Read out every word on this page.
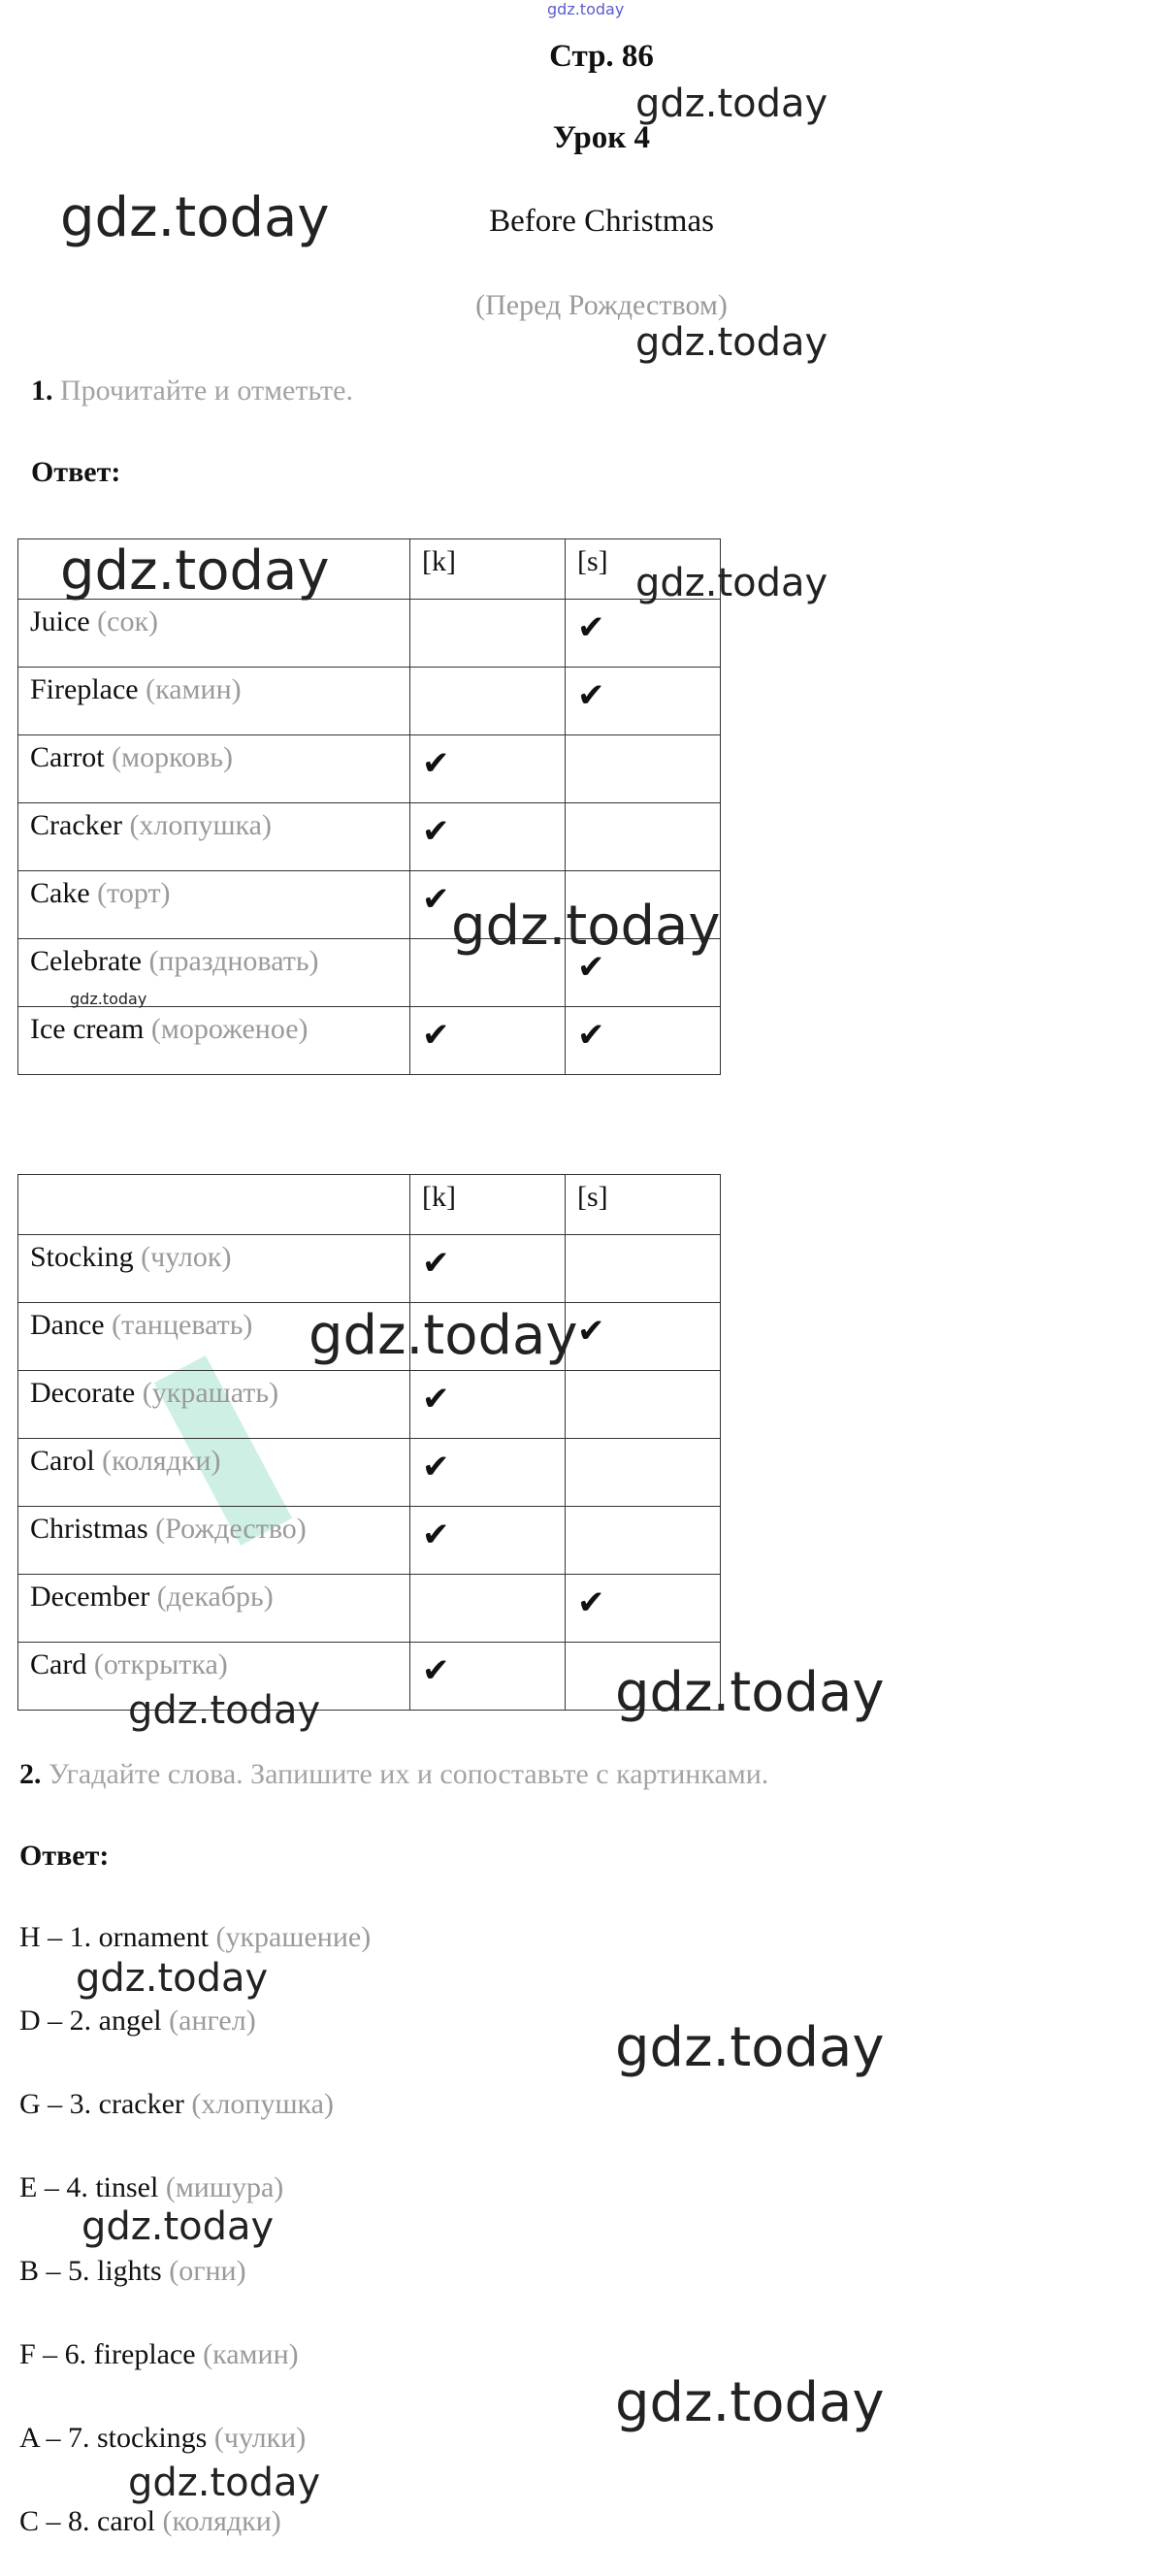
Стр. 86
Урок 4
Before Christmas
(Перед Рождеством)
1. Прочитайте и отметьте.
Ответ:
	[k]	[s]
Juice (сок)		✔
Fireplace (камин)		✔
Carrot (морковь)	✔	
Cracker (хлопушка)	✔	
Cake (торт)	✔	
Celebrate (праздновать)		✔
Ice cream (мороженое)	✔	✔
	[k]	[s]
Stocking (чулок)	✔	
Dance (танцевать)		✔
Decorate (украшать)	✔	
Carol (колядки)	✔	
Christmas (Рождество)	✔	
December (декабрь)		✔
Card (открытка)	✔	
2. Угадайте слова. Запишите их и сопоставьте с картинками.
Ответ:
H – 1. ornament (украшение)
D – 2. angel (ангел)
G – 3. cracker (хлопушка)
E – 4. tinsel (мишура)
B – 5. lights (огни)
F – 6. fireplace (камин)
A – 7. stockings (чулки)
C – 8. carol (колядки)
gdz.today
gdz.today
gdz.today
gdz.today
gdz.today	gdz.today
gdz.today
gdz.today
gdz.today
gdz.today
gdz.today
gdz.today
gdz.today
gdz.today
gdz.today
gdz.today
